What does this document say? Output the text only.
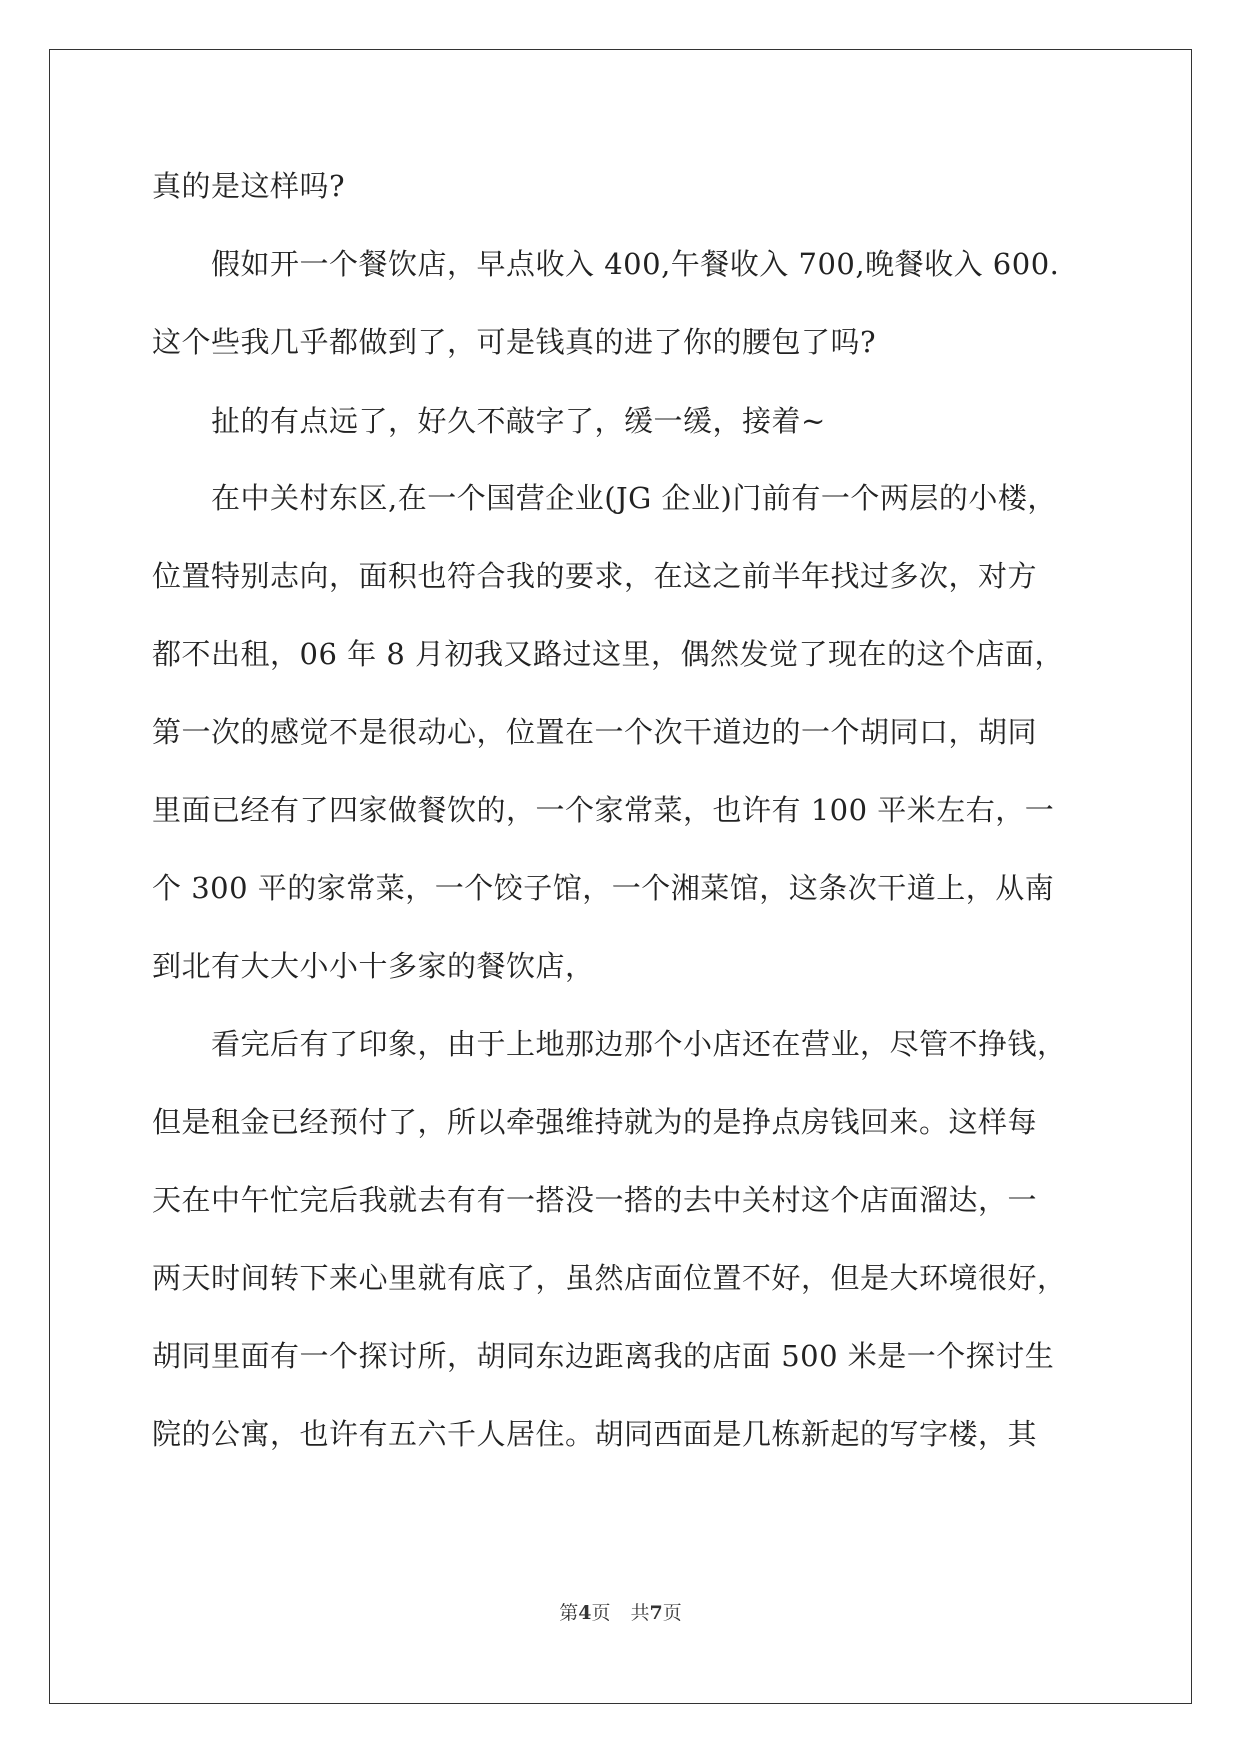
真的是这样吗?
　　假如开一个餐饮店，早点收入 400,午餐收入 700,晚餐收入 600.
这个些我几乎都做到了，可是钱真的进了你的腰包了吗?
　　扯的有点远了，好久不敲字了，缓一缓，接着~
　　在中关村东区,在一个国营企业(JG 企业)门前有一个两层的小楼，
位置特别志向，面积也符合我的要求，在这之前半年找过多次，对方
都不出租，06 年 8 月初我又路过这里，偶然发觉了现在的这个店面，
第一次的感觉不是很动心，位置在一个次干道边的一个胡同口，胡同
里面已经有了四家做餐饮的，一个家常菜，也许有 100 平米左右，一
个 300 平的家常菜，一个饺子馆，一个湘菜馆，这条次干道上，从南
到北有大大小小十多家的餐饮店，
　　看完后有了印象，由于上地那边那个小店还在营业，尽管不挣钱，
但是租金已经预付了，所以牵强维持就为的是挣点房钱回来。这样每
天在中午忙完后我就去有有一搭没一搭的去中关村这个店面溜达，一
两天时间转下来心里就有底了，虽然店面位置不好，但是大环境很好，
胡同里面有一个探讨所，胡同东边距离我的店面 500 米是一个探讨生
院的公寓，也许有五六千人居住。胡同西面是几栋新起的写字楼，其
第4页 共7页
